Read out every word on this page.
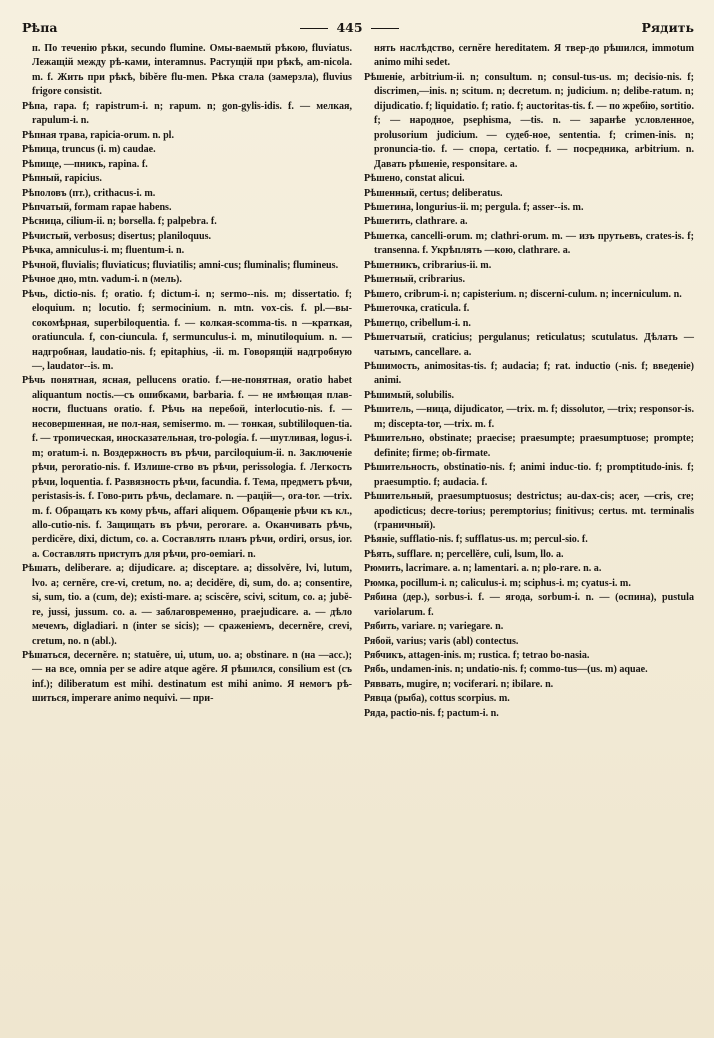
Рѣпа	445	Рядить

п. По теченію рѣки, secundo flumine. Омы-ваемый рѣкою, fluviatus. Лежащій между рѣ-ками, interamnus. Растущій при рѣкѣ, am-nicola. m. f. Жить при рѣкѣ, bibĕre flu-men. Рѣка стала (замерзла), fluvius frigore consistit.

Рѣпа, гара. f; rapistrum-i. n; rapum. n; gon-gylis-idis. f. — мелкая, rapulum-i. n.

Рѣпная трава, rapicia-orum. n. pl.

Рѣпица, truncus (i. m) caudae.

Рѣпище, —пникъ, rapina. f.

Рѣпный, rapicius.

Рѣполовъ (пт.), crithacus-i. m.

Рѣпчатый, formam rapae habens.

Рѣсница, cilium-ii. n; borsella. f; palpebra. f.

Рѣчистый, verbosus; disertus; planiloquus.

Рѣчка, amniculus-i. m; fluentum-i. n.

Рѣчной, fluvialis; fluviaticus; fluviatilis; amni-cus; fluminalis; flumineus.

Рѣчное дно, mtn. vadum-i. n (мель).

Рѣчь, dictio-nis. f; oratio. f; dictum-i. n; sermo--nis. m; dissertatio. f; eloquium. n; locutio. f; sermocinium. n. mtn. vox-cis. f. pl.—вы-сокомѣрная, superbiloquentia. f. — колкая-scomma-tis. n —краткая, oratiuncula. f, con-ciuncula. f, sermunculus-i. m, minutiloquium. n. — надгробная, laudatio-nis. f; epitaphius, -ii. m. Говорящій надгробную —, laudator--is. m.

Рѣчь понятная, ясная, pellucens oratio. f.—не-понятная, oratio habet aliquantum noctis.—съ ошибками, barbaria. f. — не имѣющая плав-ности, fluctuans oratio. f. Рѣчь на перебой, interlocutio-nis. f. —несовершенная, не пол-ная, semisermo. m. — тонкая, subtililoquen-tia. f. — тропическая, иносказательная, tro-pologia. f. —шутливая, logus-i. m; oratum-i. n. Воздержность въ рѣчи, parciloquium-ii. n. Заключеніе рѣчи, peroratio-nis. f. Излише-ство въ рѣчи, perissologia. f. Легкость рѣчи, loquentia. f. Развязность рѣчи, facundia. f. Тема, предметъ рѣчи, peristasis-is. f. Гово-рить рѣчь, declamare. n. —рацій—, ora-tor. —trix. m. f. Обращать къ кому рѣчь, affari aliquem. Обращеніе рѣчи къ кл., allo-cutio-nis. f. Защищать въ рѣчи, perorare. a. Оканчивать рѣчь, perdicĕre, dixi, dictum, co. a. Составлять планъ рѣчи, ordiri, orsus, ior. a. Составлять приступъ для рѣчи, pro-oemiari. n.

Рѣшать, deliberare. a; dijudicare. a; disceptare. a; dissolvĕre, lvi, lutum, lvo. a; cernĕre, cre-vi, cretum, no. a; decidĕre, di, sum, do. a; consentire, si, sum, tio. a (cum, de); existi-mare. a; sciscĕre, scivi, scitum, co. a; jubĕ-re, jussi, jussum. co. a. — заблаговременно, praejudicare. a. — дѣло мечемъ, digladiari. n (inter se sicis); — сраженіемъ, decernĕre, crevi, cretum, no. n (abl.).

Рѣшаться, decernĕre. n; statuĕre, ui, utum, uo. a; obstinare. n (на —acc.); — на все, omnia per se adire atque agĕre. Я рѣшился, consilium est (съ inf.); diliberatum est mihi. destinatum est mihi animo. Я немогъ рѣ-шиться, imperare animo nequivi. — при-

нять наслѣдство, cernĕre hereditatem. Я твер-до рѣшился, immotum animo mihi sedet.

Рѣшеніе, arbitrium-ii. n; consultum. n; consul-tus-us. m; decisio-nis. f; discrimen,—inis. n; scitum. n; decretum. n; judicium. n; delibe-ratum. n; dijudicatio. f; liquidatio. f; ratio. f; auctoritas-tis. f. — по жребію, sortitio. f; — народное, psephisma, —tis. n. — заранѣе условленное, prolusorium judicium. — судеб-ное, sententia. f; crimen-inis. n; pronuncia-tio. f. — спора, certatio. f. — посредника, arbitrium. n. Давать рѣшеніе, responsitare. a.

Рѣшено, constat alicui.

Рѣшенный, certus; deliberatus.

Рѣшетина, longurius-ii. m; pergula. f; asser--is. m.

Рѣшетить, clathrare. a.

Рѣшетка, cancelli-orum. m; clathri-orum. m. — изъ прутьевъ, crates-is. f; transenna. f. Укрѣплять —кою, clathrare. a.

Рѣшетникъ, cribrarius-ii. m.

Рѣшетный, cribrarius.

Рѣшето, cribrum-i. n; capisterium. n; discerni-culum. n; incerniculum. n.

Рѣшеточка, craticula. f.

Рѣшетцо, cribellum-i. n.

Рѣшетчатый, craticius; pergulanus; reticulatus; scutulatus. Дѣлать —чатымъ, cancellare. a.

Рѣшимость, animositas-tis. f; audacia; f; rat. inductio (-nis. f; введеніе) animi.

Рѣшимый, solubilis.

Рѣшитель, —ница, dijudicator, —trix. m. f; dissolutor, —trix; responsor-is. m; discepta-tor, —trix. m. f.

Рѣшительно, obstinate; praecise; praesumpte; praesumptuose; promptе; definite; firme; ob-firmate.

Рѣшительность, obstinatio-nis. f; animi induc-tio. f; promptitudo-inis. f; praesumptio. f; audacia. f.

Рѣшительный, praesumptuosus; destrictus; au-dax-cis; acer, —cris, cre; apodicticus; decre-torius; peremptorius; finitivus; certus. mt. terminalis (граничный).

Рѣяніе, sufflatio-nis. f; sufflatus-us. m; percul-sio. f.

Рѣять, sufflare. n; percellĕre, culi, lsum, llo. a.

Рюмить, lacrimare. a. n; lamentari. a. n; plo-rare. n. a.

Рюмка, pocillum-i. n; caliculus-i. m; sciphus-i. m; cyatus-i. m.

Рябина (дер.), sorbus-i. f. — ягода, sorbum-i. n. — (оспина), pustula variolarum. f.

Рябить, variare. n; variegare. n.

Рябой, varius; varis (abl) contectus.

Рябчикъ, attagen-inis. m; rustica. f; tetrao bo-nasia.

Рябь, undamen-inis. n; undatio-nis. f; commo-tus—(us. m) aquae.

Ряввать, mugire, n; vociferari. n; ibilare. n.

Рявца (рыба), cottus scorpius. m.

Ряда, pactio-nis. f; pactum-i. n.
